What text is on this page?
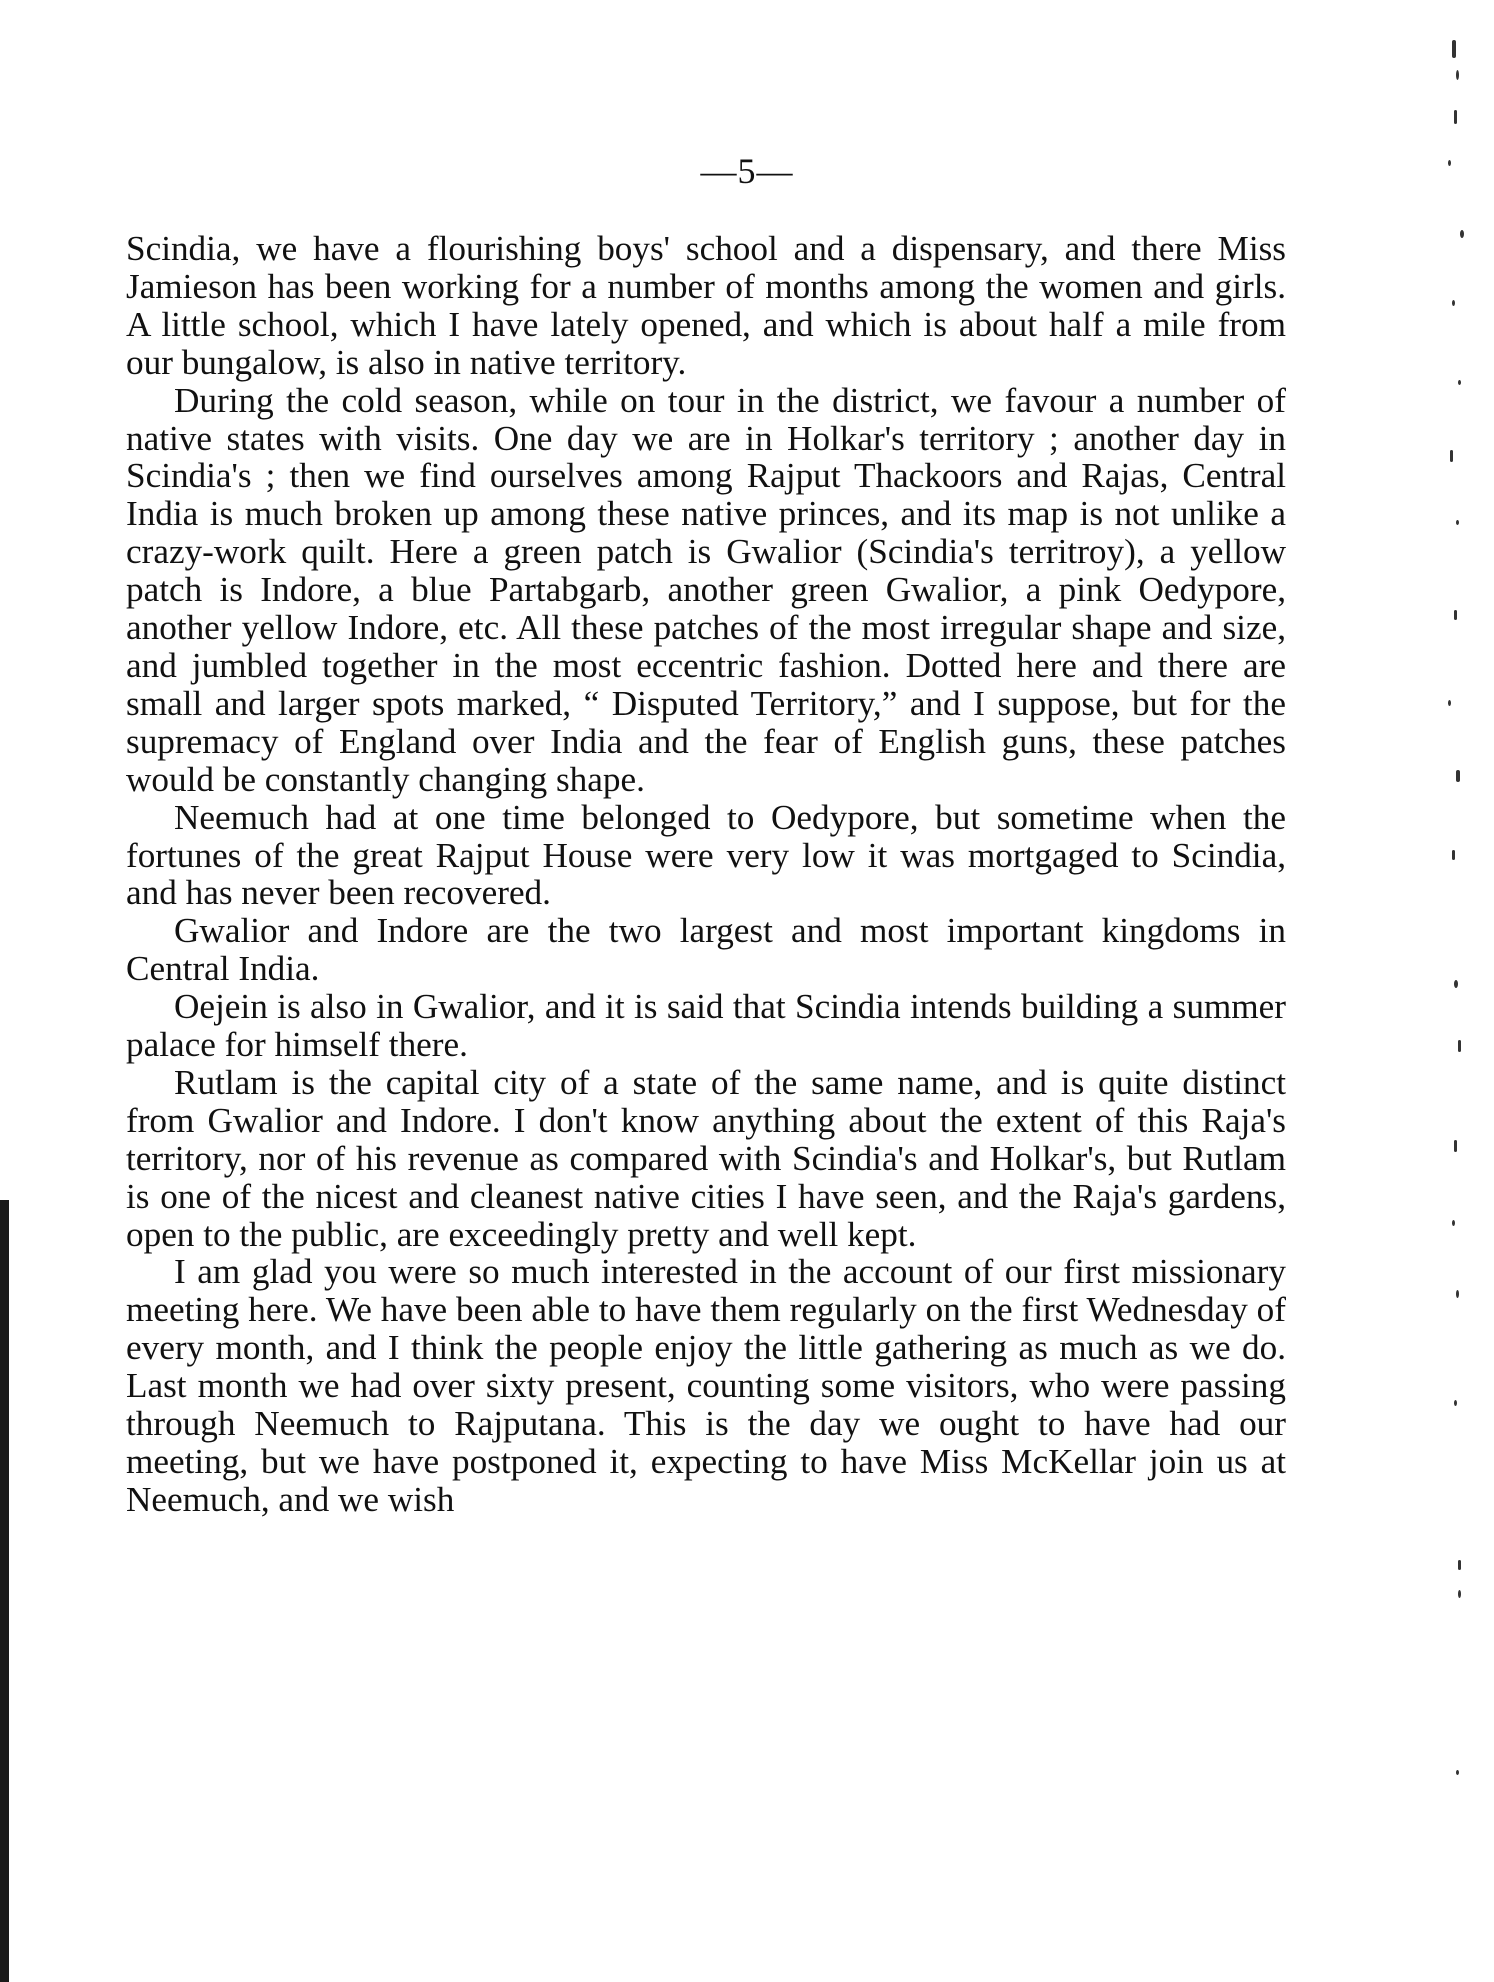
—5—

Scindia, we have a flourishing boys' school and a dispensary, and there Miss Jamieson has been working for a number of months among the women and girls. A little school, which I have lately opened, and which is about half a mile from our bungalow, is also in native territory.

During the cold season, while on tour in the district, we favour a number of native states with visits. One day we are in Holkar's territory ; another day in Scindia's ; then we find ourselves among Rajput Thackoors and Rajas, Central India is much broken up among these native princes, and its map is not unlike a crazy-work quilt. Here a green patch is Gwalior (Scindia's territroy), a yellow patch is Indore, a blue Partabgarb, another green Gwalior, a pink Oedypore, another yellow Indore, etc. All these patches of the most irregular shape and size, and jumbled together in the most eccentric fashion. Dotted here and there are small and larger spots marked, “ Disputed Territory,” and I suppose, but for the supremacy of England over India and the fear of English guns, these patches would be constantly changing shape.

Neemuch had at one time belonged to Oedypore, but sometime when the fortunes of the great Rajput House were very low it was mortgaged to Scindia, and has never been recovered.

Gwalior and Indore are the two largest and most important kingdoms in Central India.

Oejein is also in Gwalior, and it is said that Scindia intends building a summer palace for himself there.

Rutlam is the capital city of a state of the same name, and is quite distinct from Gwalior and Indore. I don't know anything about the extent of this Raja's territory, nor of his revenue as compared with Scindia's and Holkar's, but Rutlam is one of the nicest and cleanest native cities I have seen, and the Raja's gardens, open to the public, are exceedingly pretty and well kept.

I am glad you were so much interested in the account of our first missionary meeting here. We have been able to have them regularly on the first Wednesday of every month, and I think the people enjoy the little gathering as much as we do. Last month we had over sixty present, counting some visitors, who were passing through Neemuch to Rajputana. This is the day we ought to have had our meeting, but we have postponed it, expecting to have Miss McKellar join us at Neemuch, and we wish
